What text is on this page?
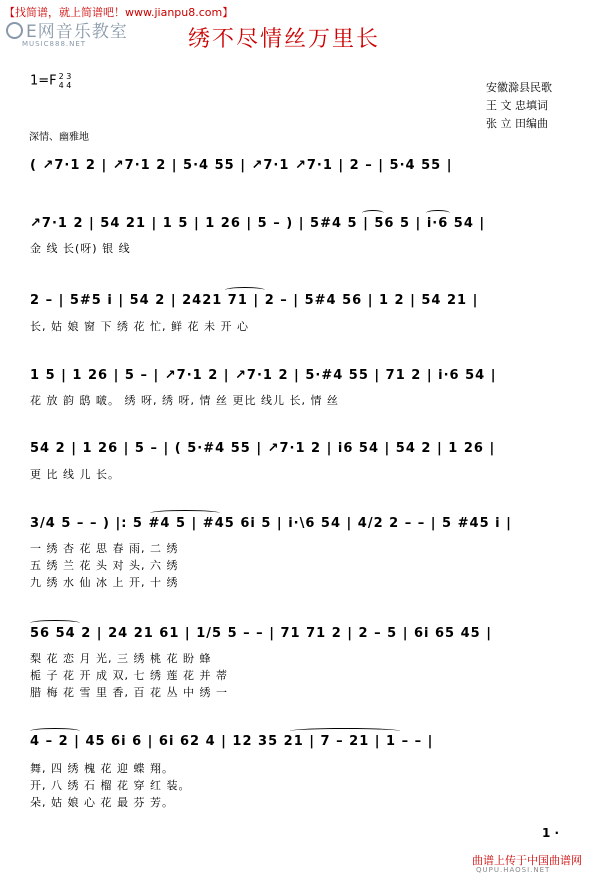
【找简谱，就上简谱吧！www.jianpu8.com】
E网音乐教室
MUSIC888.NET	绣不尽情丝万里长
1=F 2 3
4 4	安徽滁县民歌
王 文 忠填词
张 立 田编曲
深情、幽雅地
( ↗7·1 2 | ↗7·1 2 | 5·4 55 | ↗7·1 ↗7·1 | 2 – | 5·4 55 |
↗7·1 2 | 54 21 | 1 5 | 1 26 | 5 – ) | 5#4 5 | 56 5 | i·6 54 |
金 线 长(呀) 银 线
2 – | 5#5 i | 54 2 | 2421 71 | 2 – | 5#4 56 | 1 2 | 54 21 |
长, 姑 娘 窗 下 绣 花 忙, 鲜 花 未 开 心
1 5 | 1 26 | 5 – | ↗7·1 2 | ↗7·1 2 | 5·#4 55 | 71 2 | i·6 54 |
花 放 韵 鸱 啵。 绣 呀, 绣 呀, 情 丝 更比 线儿 长, 情 丝
54 2 | 1 26 | 5 – | ( 5·#4 55 | ↗7·1 2 | i6 54 | 54 2 | 1 26 |
更 比 线 儿 长。
3/4 5 – – ) |: 5 #4 5 | #45 6i 5 | i·\6 54 | 4/2 2 – – | 5 #45 i |
一 绣 杏 花 思 春 雨, 二 绣
五 绣 兰 花 头 对 头, 六 绣
九 绣 水 仙 冰 上 开, 十 绣
56 54 2 | 24 21 61 | 1/5 5 – – | 71 71 2 | 2 – 5 | 6i 65 45 |
梨 花 恋 月 光, 三 绣 桃 花 盼 蜂
栀 子 花 开 成 双, 七 绣 莲 花 并 蒂
腊 梅 花 雪 里 香, 百 花 丛 中 绣 一
4 – 2 | 45 6i 6 | 6i 62 4 | 12 35 21 | 7 – 21 | 1 – – |
舞, 四 绣 槐 花 迎 蝶 翔。
开, 八 绣 石 榴 花 穿 红 装。
朵, 姑 娘 心 花 最 芬 芳。
1 ·
曲谱上传于中国曲谱网
QUPU.HAOSI.NET
